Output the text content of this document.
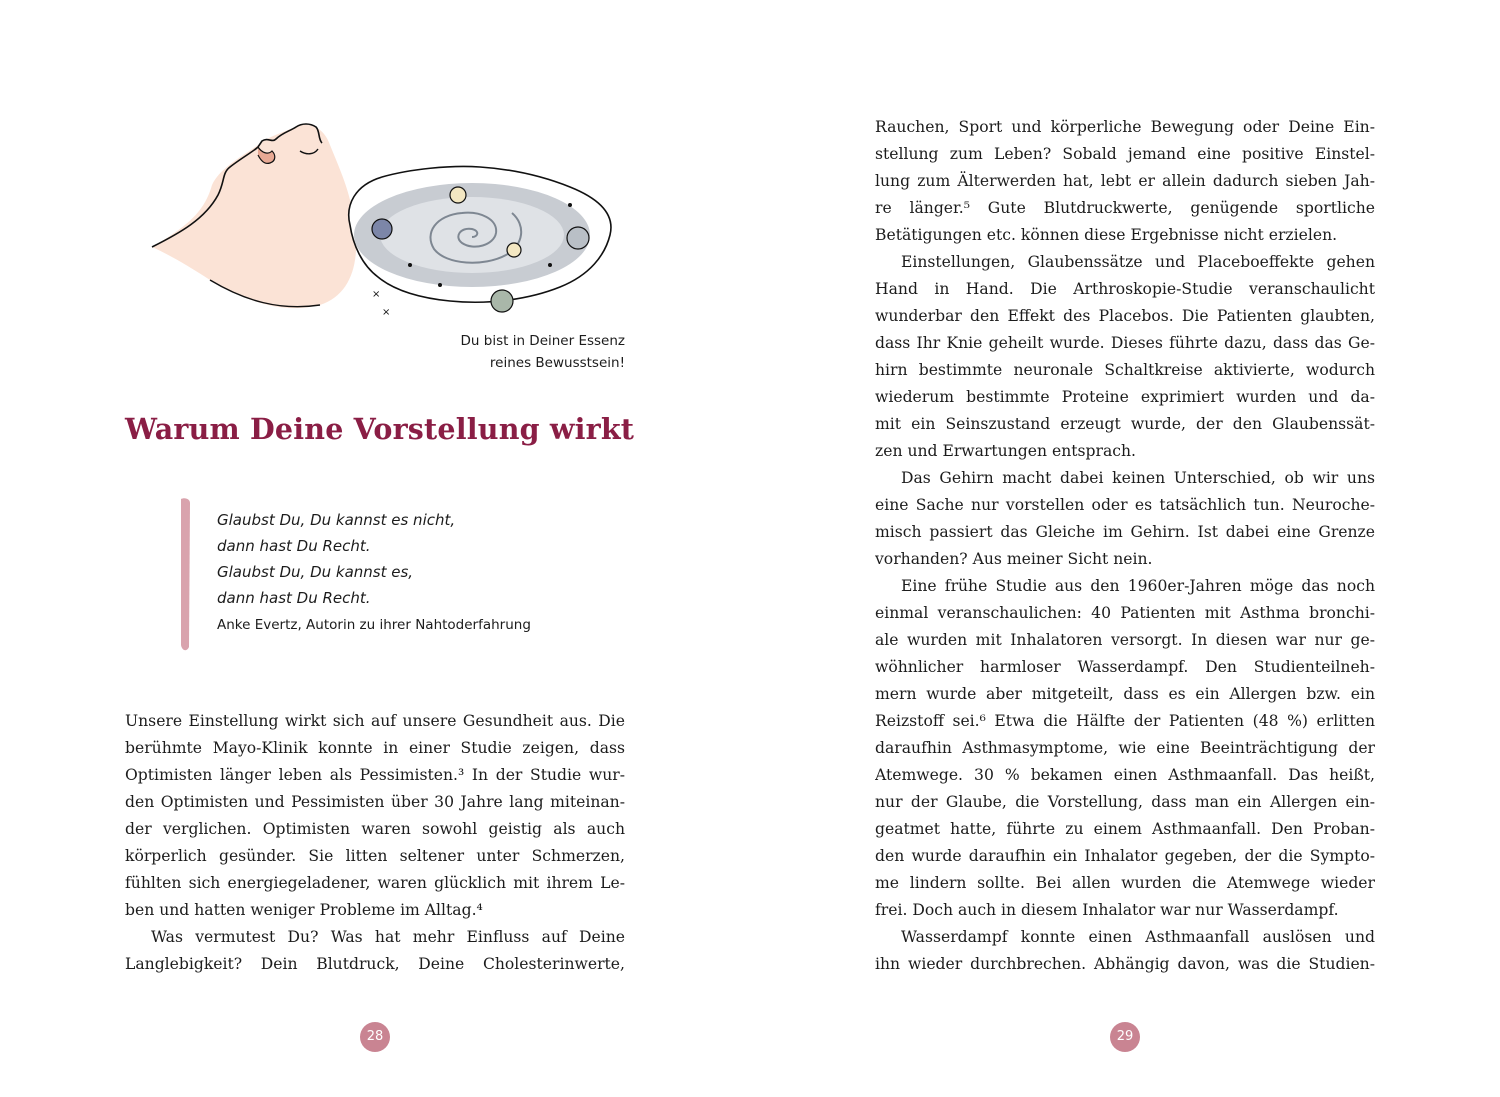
×
×
Du bist in Deiner Essenz
reines Bewusstsein!
Warum Deine Vorstellung wirkt
Glaubst Du, Du kannst es nicht,
dann hast Du Recht.
Glaubst Du, Du kannst es,
dann hast Du Recht.
Anke Evertz, Autorin zu ihrer Nahtoderfahrung
Unsere Einstellung wirkt sich auf unsere Gesundheit aus. Die
berühmte Mayo-Klinik konnte in einer Studie zeigen, dass
Optimisten länger leben als Pessimisten.³ In der Studie wur-
den Optimisten und Pessimisten über 30 Jahre lang miteinan-
der verglichen. Optimisten waren sowohl geistig als auch
körperlich gesünder. Sie litten seltener unter Schmerzen,
fühlten sich energiegeladener, waren glücklich mit ihrem Le-
ben und hatten weniger Probleme im Alltag.⁴
Was vermutest Du? Was hat mehr Einfluss auf Deine
Langlebigkeit? Dein Blutdruck, Deine Cholesterinwerte,
28
Rauchen, Sport und körperliche Bewegung oder Deine Ein-
stellung zum Leben? Sobald jemand eine positive Einstel-
lung zum Älterwerden hat, lebt er allein dadurch sieben Jah-
re länger.⁵ Gute Blutdruckwerte, genügende sportliche
Betätigungen etc. können diese Ergebnisse nicht erzielen.
Einstellungen, Glaubenssätze und Placeboeffekte gehen
Hand in Hand. Die Arthroskopie-Studie veranschaulicht
wunderbar den Effekt des Placebos. Die Patienten glaubten,
dass Ihr Knie geheilt wurde. Dieses führte dazu, dass das Ge-
hirn bestimmte neuronale Schaltkreise aktivierte, wodurch
wiederum bestimmte Proteine exprimiert wurden und da-
mit ein Seinszustand erzeugt wurde, der den Glaubenssät-
zen und Erwartungen entsprach.
Das Gehirn macht dabei keinen Unterschied, ob wir uns
eine Sache nur vorstellen oder es tatsächlich tun. Neuroche-
misch passiert das Gleiche im Gehirn. Ist dabei eine Grenze
vorhanden? Aus meiner Sicht nein.
Eine frühe Studie aus den 1960er-Jahren möge das noch
einmal veranschaulichen: 40 Patienten mit Asthma bronchi-
ale wurden mit Inhalatoren versorgt. In diesen war nur ge-
wöhnlicher harmloser Wasserdampf. Den Studienteilneh-
mern wurde aber mitgeteilt, dass es ein Allergen bzw. ein
Reizstoff sei.⁶ Etwa die Hälfte der Patienten (48 %) erlitten
daraufhin Asthmasymptome, wie eine Beeinträchtigung der
Atemwege. 30 % bekamen einen Asthmaanfall. Das heißt,
nur der Glaube, die Vorstellung, dass man ein Allergen ein-
geatmet hatte, führte zu einem Asthmaanfall. Den Proban-
den wurde daraufhin ein Inhalator gegeben, der die Sympto-
me lindern sollte. Bei allen wurden die Atemwege wieder
frei. Doch auch in diesem Inhalator war nur Wasserdampf.
Wasserdampf konnte einen Asthmaanfall auslösen und
ihn wieder durchbrechen. Abhängig davon, was die Studien-
29
